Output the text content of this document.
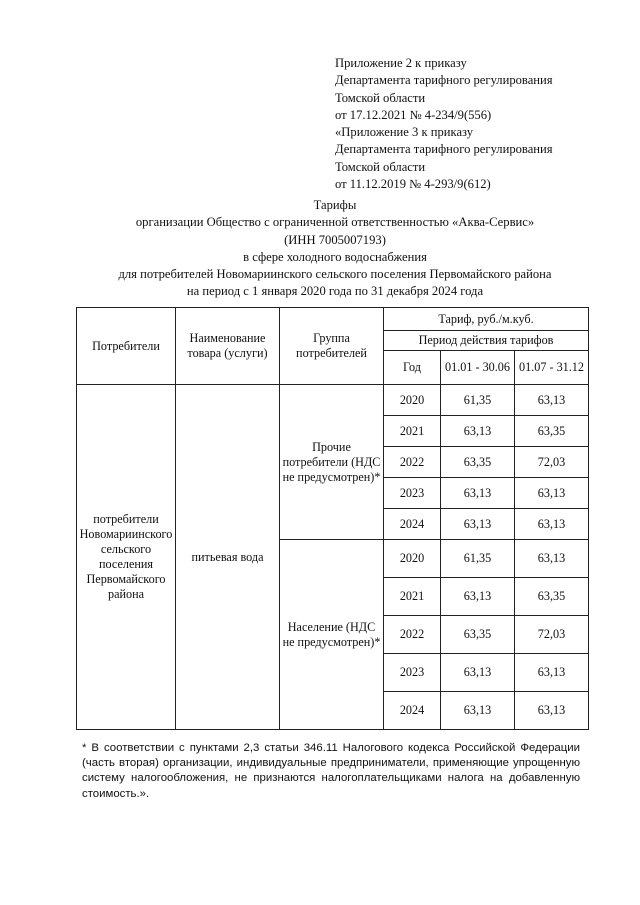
Приложение 2 к приказу
Департамента тарифного регулирования
Томской области
от 17.12.2021 № 4-234/9(556)
«Приложение 3 к приказу
Департамента тарифного регулирования
Томской области
от 11.12.2019 № 4-293/9(612)
Тарифы
организации Общество с ограниченной ответственностью «Аква-Сервис»
(ИНН 7005007193)
в сфере холодного водоснабжения
для потребителей Новомариинского сельского поселения Первомайского района
на период с 1 января 2020 года по 31 декабря 2024 года
Потребители	Наименование товара (услуги)	Группа потребителей	Тариф, руб./м.куб.		
			Период действия тарифов		
			Год	01.01 - 30.06	01.07 - 31.12
потребители Новомариинского сельского поселения Первомайского района	питьевая вода	Прочие потребители (НДС не предусмотрен)*	2020	61,35	63,13
			2021	63,13	63,35
			2022	63,35	72,03
			2023	63,13	63,13
			2024	63,13	63,13
		Население (НДС не предусмотрен)*	2020	61,35	63,13
			2021	63,13	63,35
			2022	63,35	72,03
			2023	63,13	63,13
			2024	63,13	63,13
* В соответствии с пунктами 2,3 статьи 346.11 Налогового кодекса Российской Федерации (часть вторая) организации, индивидуальные предприниматели, применяющие упрощенную систему налогообложения, не признаются налогоплательщиками налога на добавленную стоимость.».
